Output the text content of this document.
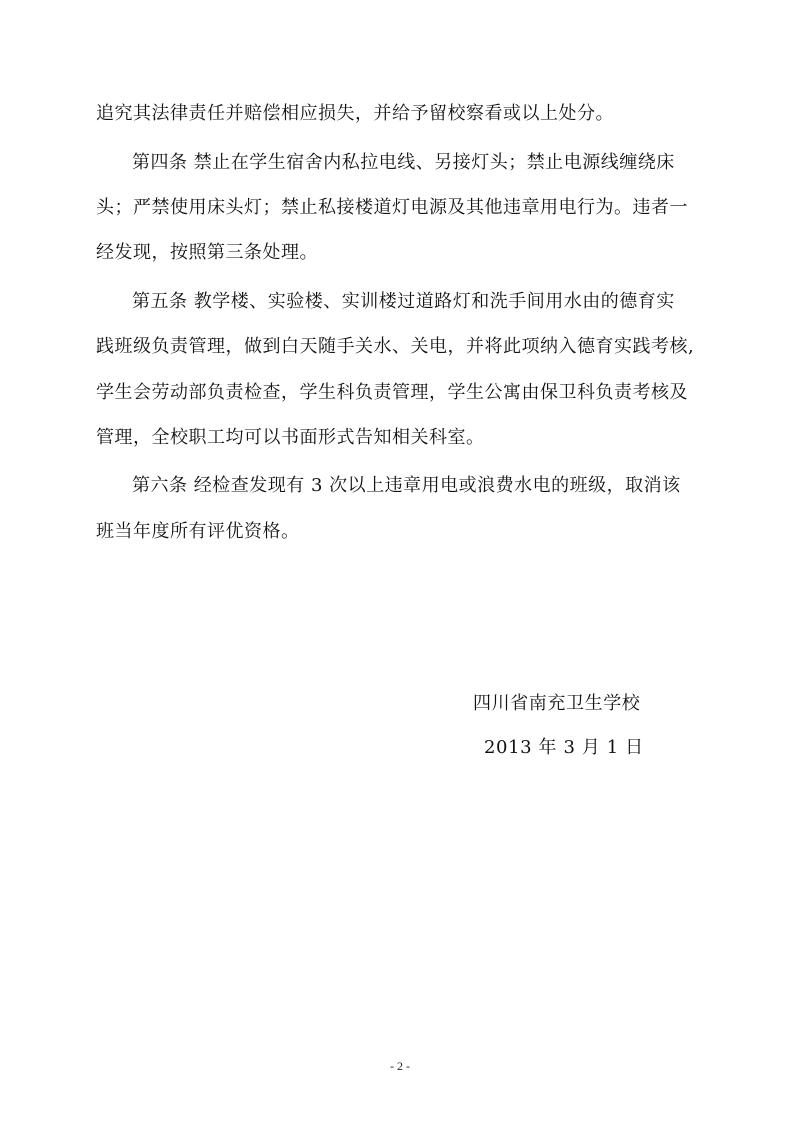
追究其法律责任并赔偿相应损失，并给予留校察看或以上处分。
第四条 禁止在学生宿舍内私拉电线、另接灯头；禁止电源线缠绕床
头；严禁使用床头灯；禁止私接楼道灯电源及其他违章用电行为。违者一
经发现，按照第三条处理。
第五条 教学楼、实验楼、实训楼过道路灯和洗手间用水由的德育实
践班级负责管理，做到白天随手关水、关电，并将此项纳入德育实践考核,
学生会劳动部负责检查，学生科负责管理，学生公寓由保卫科负责考核及
管理，全校职工均可以书面形式告知相关科室。
第六条 经检查发现有 3 次以上违章用电或浪费水电的班级，取消该
班当年度所有评优资格。
四川省南充卫生学校
2013 年 3 月 1 日
- 2 -
